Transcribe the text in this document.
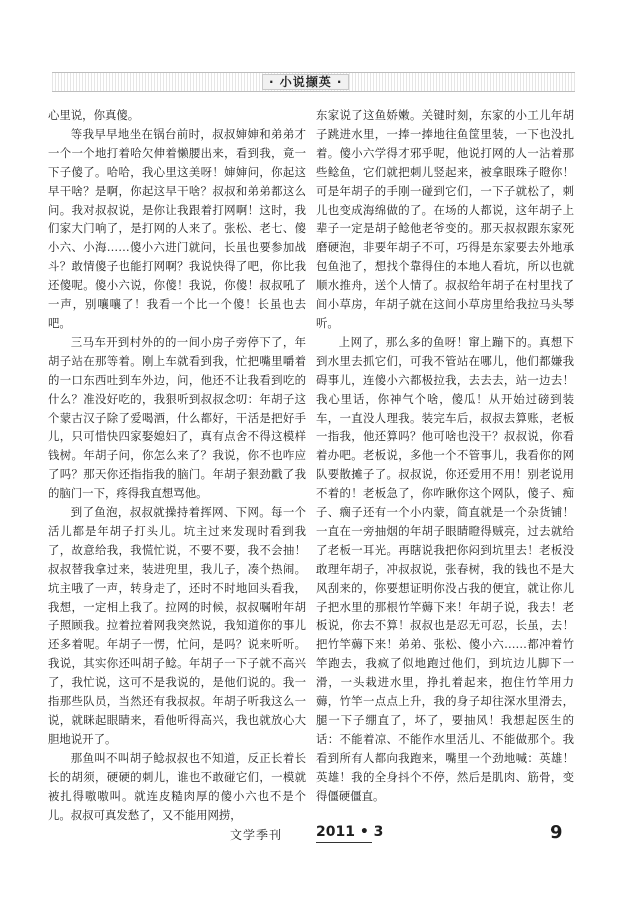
· 小说撷英 ·

心里说，你真傻。

等我早早地坐在锅台前时，叔叔婶婶和弟弟才一个一个地打着哈欠伸着懒腰出来，看到我，竟一下子傻了。哈哈，我心里这美呀！婶婶问，你起这早干啥？是啊，你起这早干啥？叔叔和弟弟都这么问。我对叔叔说，是你让我跟着打网啊！这时，我们家大门响了，是打网的人来了。张松、老七、傻小六、小海……傻小六进门就问，长虽也要参加战斗？敢情傻子也能打网啊？我说快得了吧，你比我还傻呢。傻小六说，你傻！我说，你傻！叔叔吼了一声，别嚷嚷了！我看一个比一个傻！长虽也去吧。

三马车开到村外的的一间小房子旁停下了，年胡子站在那等着。刚上车就看到我，忙把嘴里嚼着的一口东西吐到车外边，问，他还不让我看到吃的什么？准没好吃的，我狠听到叔叔念叨：年胡子这个蒙古汉子除了爱喝酒，什么都好，干活是把好手儿，只可惜快四家娶媳妇了，真有点舍不得这模样钱树。年胡子问，你怎么来了？我说，你不也咋应了吗？那天你还指指我的脑门。年胡子狠劲戳了我的脑门一下，疼得我直想骂他。

到了鱼泡，叔叔就操持着挥网、下网。每一个活儿都是年胡子打头儿。坑主过来发现时看到我了，故意给我，我慌忙说，不要不要，我不会抽！叔叔替我拿过来，装进兜里，我儿子，凑个热闹。坑主哦了一声，转身走了，还时不时地回头看我，我想，一定相上我了。拉网的时候，叔叔嘱咐年胡子照顾我。拉着拉着网我突然说，我知道你的事儿还多着呢。年胡子一愣，忙问，是吗？说来听听。我说，其实你还叫胡子鲶。年胡子一下子就不高兴了，我忙说，这可不是我说的，是他们说的。我一指那些队员，当然还有我叔叔。年胡子听我这么一说，就眯起眼睛来，看他听得高兴，我也就放心大胆地说开了。

那鱼叫不叫胡子鲶叔叔也不知道，反正长着长长的胡须，硬硬的刺儿，谁也不敢碰它们，一模就被扎得嗷嗷叫。就连皮糙肉厚的傻小六也不是个儿。叔叔可真发愁了，又不能用网捞，

东家说了这鱼娇嫩。关键时刻，东家的小工儿年胡子跳进水里，一捧一捧地往鱼筐里装，一下也没扎着。傻小六学得才邪乎呢，他说打网的人一沾着那些鲶鱼，它们就把刺儿竖起来，被拿眼珠子瞪你！可是年胡子的手刚一碰到它们，一下子就松了，刺儿也变成海绵做的了。在场的人都说，这年胡子上辈子一定是胡子鲶他老爷变的。那天叔叔跟东家死磨硬泡，非要年胡子不可，巧得是东家要去外地承包鱼池了，想找个靠得住的本地人看坑，所以也就顺水推舟，送个人情了。叔叔给年胡子在村里找了间小草房，年胡子就在这间小草房里给我拉马头琴听。

上网了，那么多的鱼呀！窜上蹦下的。真想下到水里去抓它们，可我不管站在哪儿，他们都嫌我碍事儿，连傻小六都极拉我，去去去，站一边去！我心里话，你神气个啥，傻瓜！从开始过磅到装车，一直没人理我。装完车后，叔叔去算账，老板一指我，他还算吗？他可啥也没干？叔叔说，你看着办吧。老板说，多他一个不管事儿，我看你的网队要散摊子了。叔叔说，你还爱用不用！别老说用不着的！老板急了，你咋瞅你这个网队，傻子、痴子、瘸子还有一个小内蒙，简直就是一个杂货铺！一直在一旁抽烟的年胡子眼睛瞪得贼亮，过去就给了老板一耳光。再瞎说我把你闷到坑里去！老板没敢理年胡子，冲叔叔说，张春树，我的钱也不是大风刮来的，你要想证明你没占我的便宜，就让你儿子把水里的那根竹竿薅下来！年胡子说，我去！老板说，你去不算！叔叔也是忍无可忍，长虽，去！把竹竿薅下来！弟弟、张松、傻小六……都冲着竹竿跑去，我疯了似地跑过他们，到坑边儿脚下一滑，一头栽进水里，挣扎着起来，抱住竹竿用力薅，竹竿一点点上升，我的身子却往深水里滑去，腿一下子绷直了，坏了，要抽风！我想起医生的话：不能着凉、不能作水里活儿、不能做那个。我看到所有人都向我跑来，嘴里一个劲地喊：英雄！英雄！我的全身抖个不停，然后是肌肉、筋骨，变得僵硬僵直。

文学季刊 2011 • 3	9
